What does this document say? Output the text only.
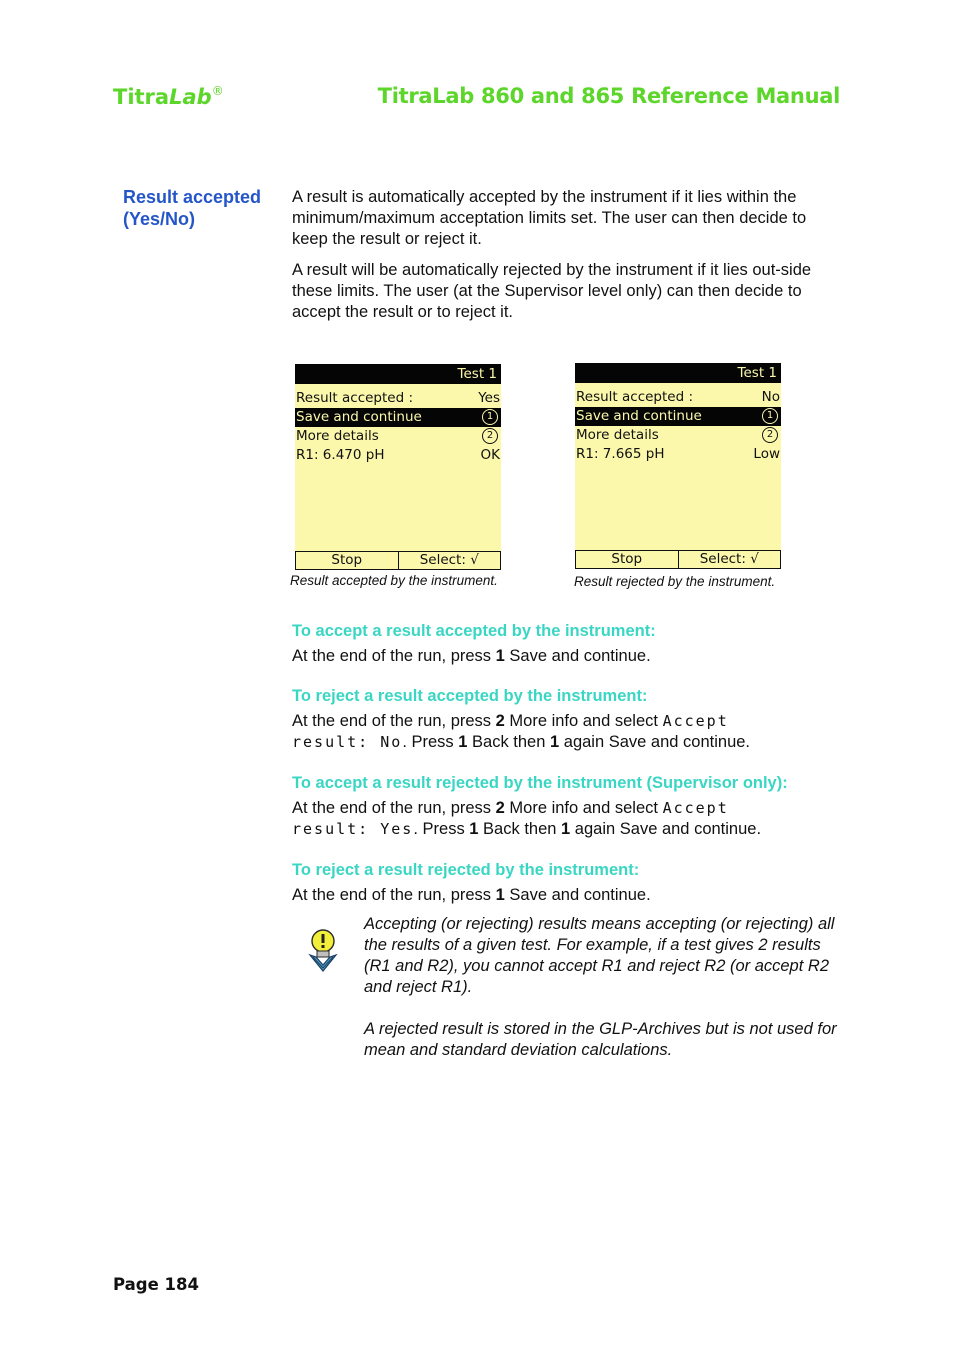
TitraLab®	TitraLab 860 and 865 Reference Manual
Result accepted (Yes/No)

A result is automatically accepted by the instrument if it lies within the minimum/maximum acceptation limits set. The user can then decide to keep the result or reject it.

A result will be automatically rejected by the instrument if it lies out-side these limits. The user (at the Supervisor level only) can then decide to accept the result or to reject it.

Test 1
Result accepted :	Yes
Save and continue	1
More details	2
R1: 6.470 pH	OK
Stop	Select: √
Result accepted by the instrument.
Test 1
Result accepted :	No
Save and continue	1
More details	2
R1: 7.665 pH	Low
Stop	Select: √
Result rejected by the instrument.
To accept a result accepted by the instrument:
At the end of the run, press 1 Save and continue.
To reject a result accepted by the instrument:
At the end of the run, press 2 More info and select Accept
result: No. Press 1 Back then 1 again Save and continue.
To accept a result rejected by the instrument (Supervisor only):
At the end of the run, press 2 More info and select Accept
result: Yes. Press 1 Back then 1 again Save and continue.
To reject a result rejected by the instrument:
At the end of the run, press 1 Save and continue.

Accepting (or rejecting) results means accepting (or rejecting) all the results of a given test. For example, if a test gives 2 results (R1 and R2), you cannot accept R1 and reject R2 (or accept R2 and reject R1).

A rejected result is stored in the GLP-Archives but is not used for mean and standard deviation calculations.

Page 184
